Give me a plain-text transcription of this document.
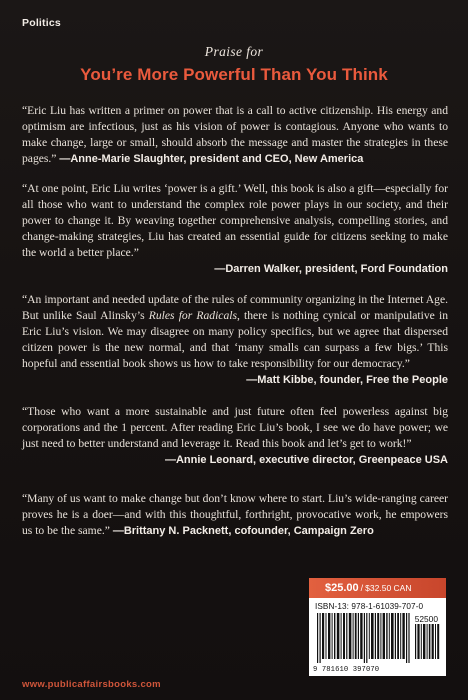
Politics
Praise for
You’re More Powerful Than You Think
“Eric Liu has written a primer on power that is a call to active citizenship. His energy and optimism are infectious, just as his vision of power is contagious. Anyone who wants to make change, large or small, should absorb the message and master the strategies in these pages.” —Anne-Marie Slaughter, president and CEO, New America
“At one point, Eric Liu writes ‘power is a gift.’ Well, this book is also a gift—especially for all those who want to understand the complex role power plays in our society, and their power to change it. By weaving together comprehensive analysis, compelling stories, and change-making strategies, Liu has created an essential guide for citizens seeking to make the world a better place.”
—Darren Walker, president, Ford Foundation
“An important and needed update of the rules of community organizing in the Internet Age. But unlike Saul Alinsky’s Rules for Radicals, there is nothing cynical or manipulative in Eric Liu’s vision. We may disagree on many policy specifics, but we agree that dispersed citizen power is the new normal, and that ‘many smalls can surpass a few bigs.’ This hopeful and essential book shows us how to take responsibility for our democracy.”
—Matt Kibbe, founder, Free the People
“Those who want a more sustainable and just future often feel powerless against big corporations and the 1 percent. After reading Eric Liu’s book, I see we do have power; we just need to better understand and leverage it. Read this book and let’s get to work!”
—Annie Leonard, executive director, Greenpeace USA
“Many of us want to make change but don’t know where to start. Liu’s wide-ranging career proves he is a doer—and with this thoughtful, forthright, provocative work, he empowers us to be the same.” —Brittany N. Packnett, cofounder, Campaign Zero
$25.00 / $32.50 CAN
ISBN-13: 978-1-61039-707-0
52500
9 781610 397070
www.publicaffairsbooks.com
